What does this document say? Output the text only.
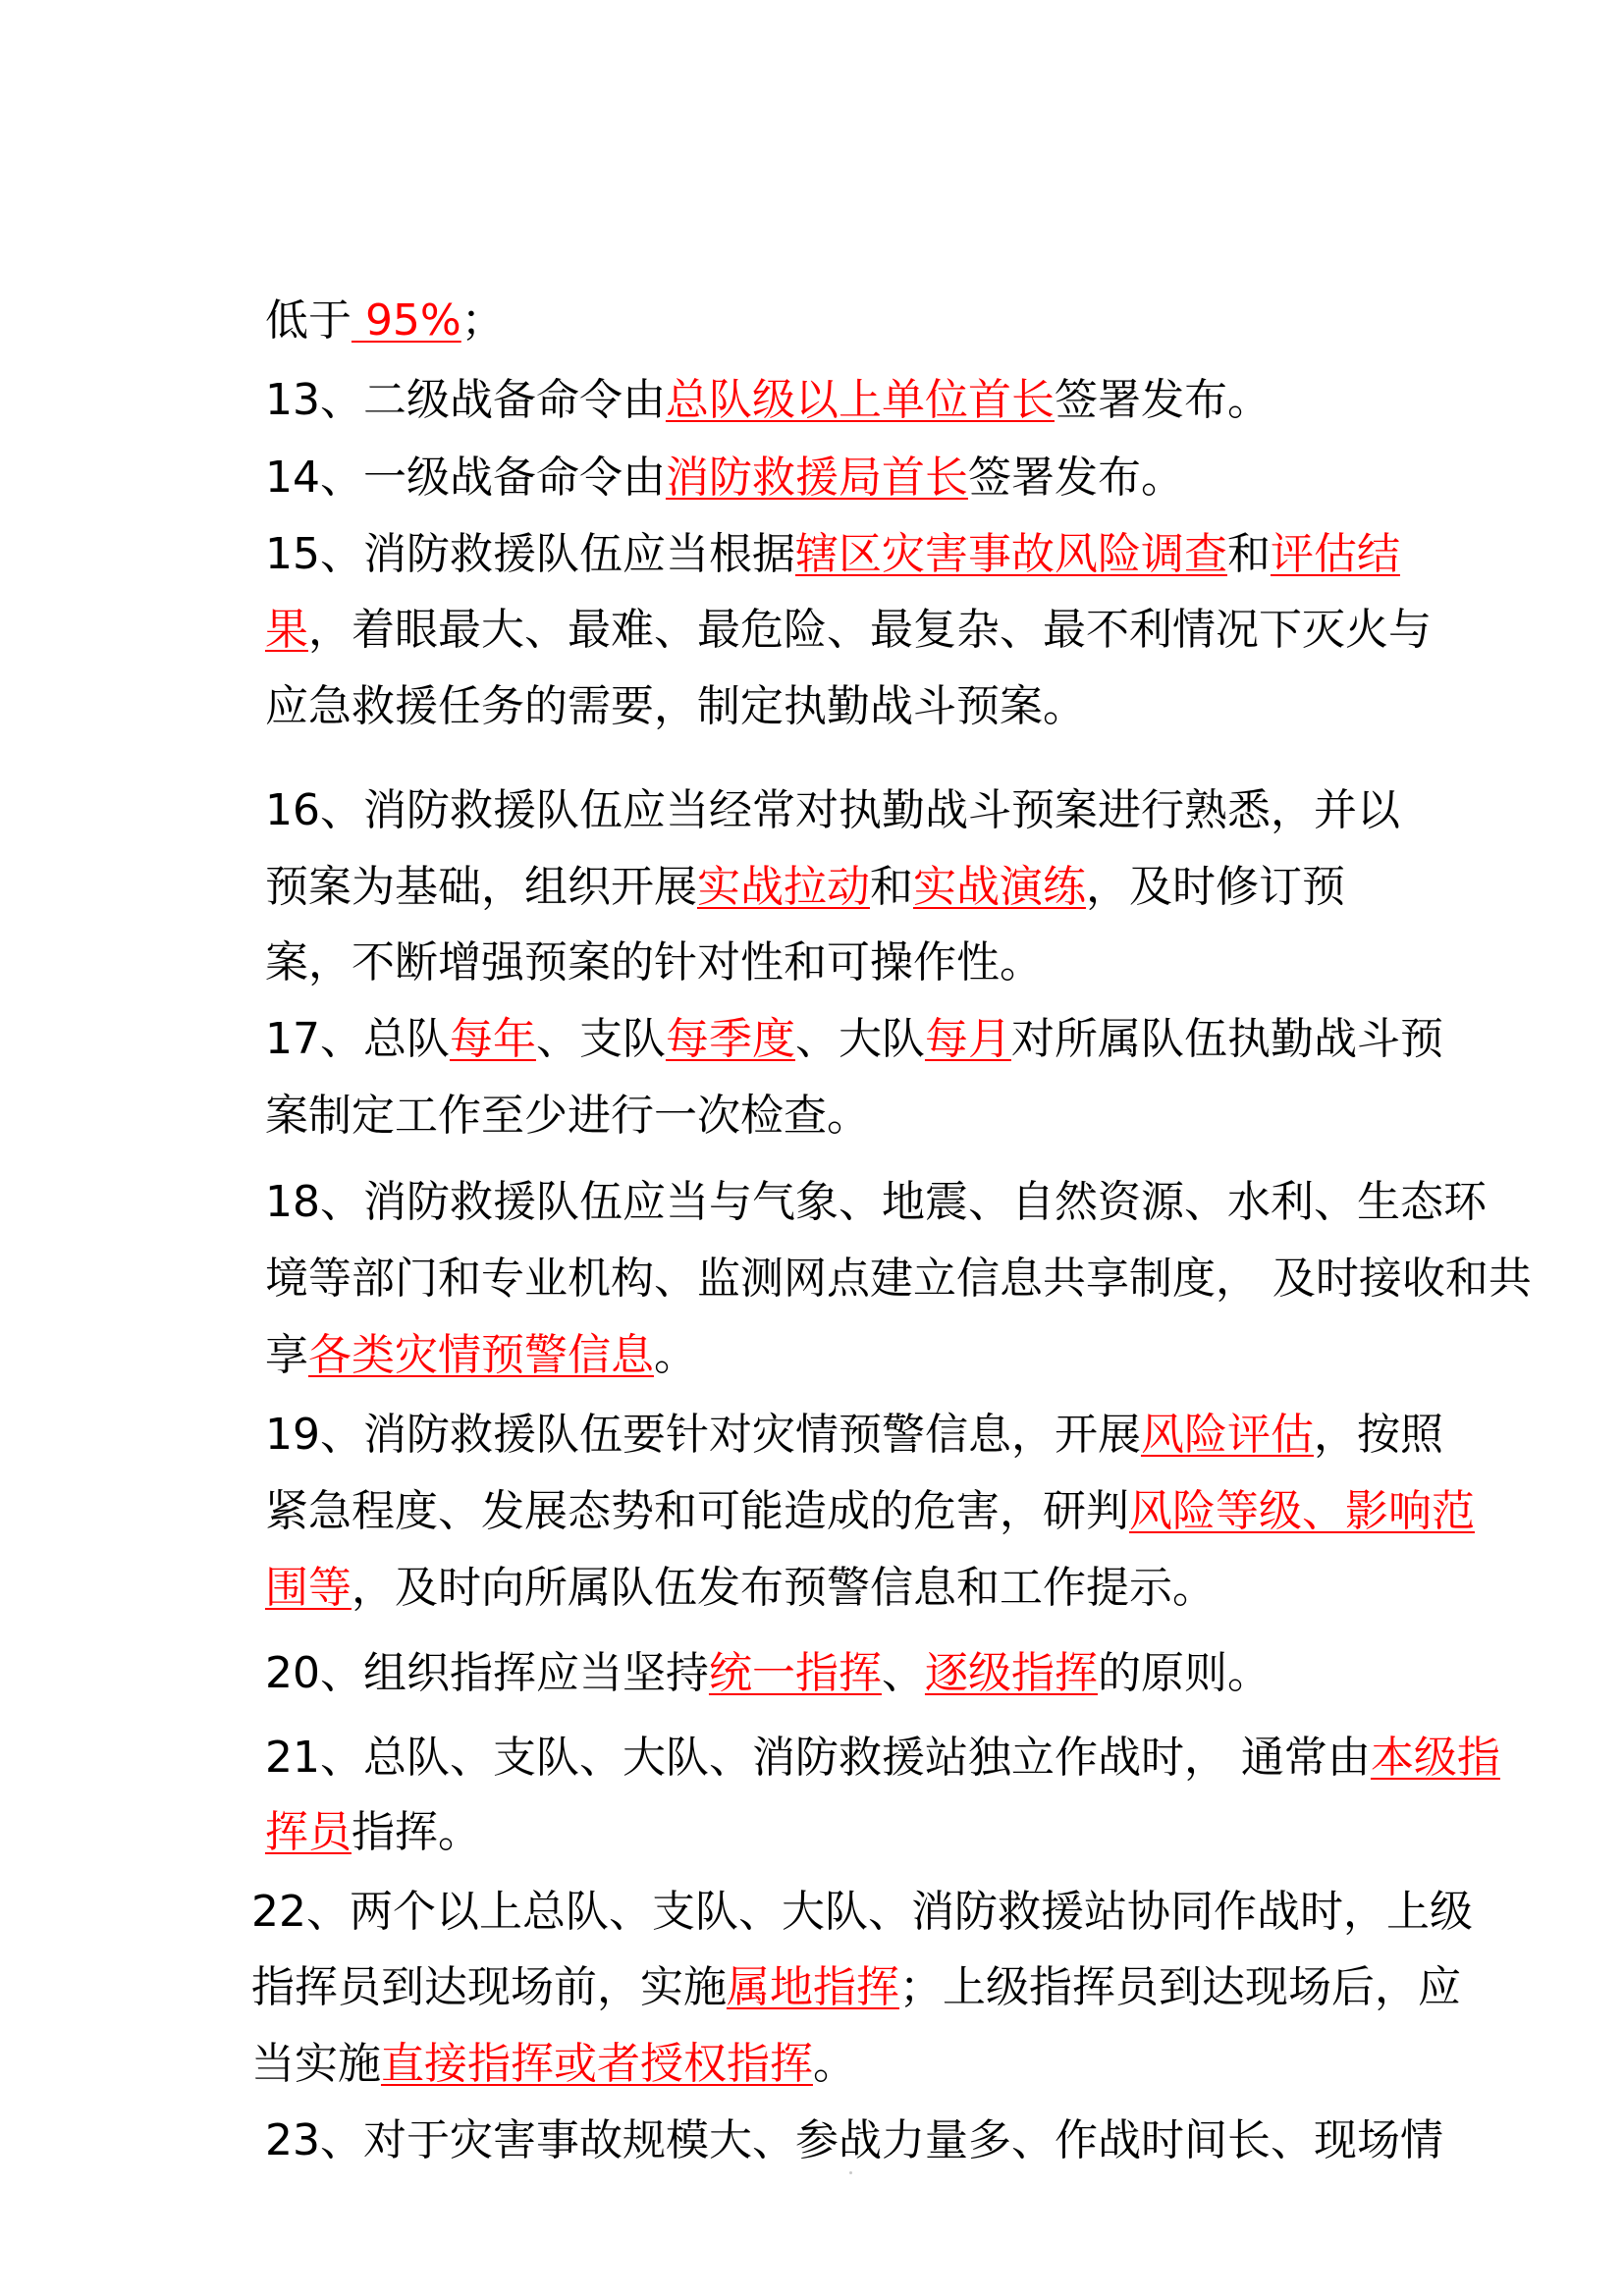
低于 95%；

13、二级战备命令由总队级以上单位首长签署发布。

14、一级战备命令由消防救援局首长签署发布。

15、消防救援队伍应当根据辖区灾害事故风险调查和评估结

果，着眼最大、最难、最危险、最复杂、最不利情况下灭火与

应急救援任务的需要，制定执勤战斗预案。

16、消防救援队伍应当经常对执勤战斗预案进行熟悉，并以

预案为基础，组织开展实战拉动和实战演练，及时修订预

案，不断增强预案的针对性和可操作性。

17、总队每年、支队每季度、大队每月对所属队伍执勤战斗预

案制定工作至少进行一次检查。

18、消防救援队伍应当与气象、地震、自然资源、水利、生态环

境等部门和专业机构、监测网点建立信息共享制度， 及时接收和共

享各类灾情预警信息。

19、消防救援队伍要针对灾情预警信息，开展风险评估，按照

紧急程度、发展态势和可能造成的危害，研判风险等级、影响范

围等，及时向所属队伍发布预警信息和工作提示。

20、组织指挥应当坚持统一指挥、逐级指挥的原则。

21、总队、支队、大队、消防救援站独立作战时， 通常由本级指

挥员指挥。

22、两个以上总队、支队、大队、消防救援站协同作战时，上级

指挥员到达现场前，实施属地指挥；上级指挥员到达现场后，应

当实施直接指挥或者授权指挥。

23、对于灾害事故规模大、参战力量多、作战时间长、现场情
